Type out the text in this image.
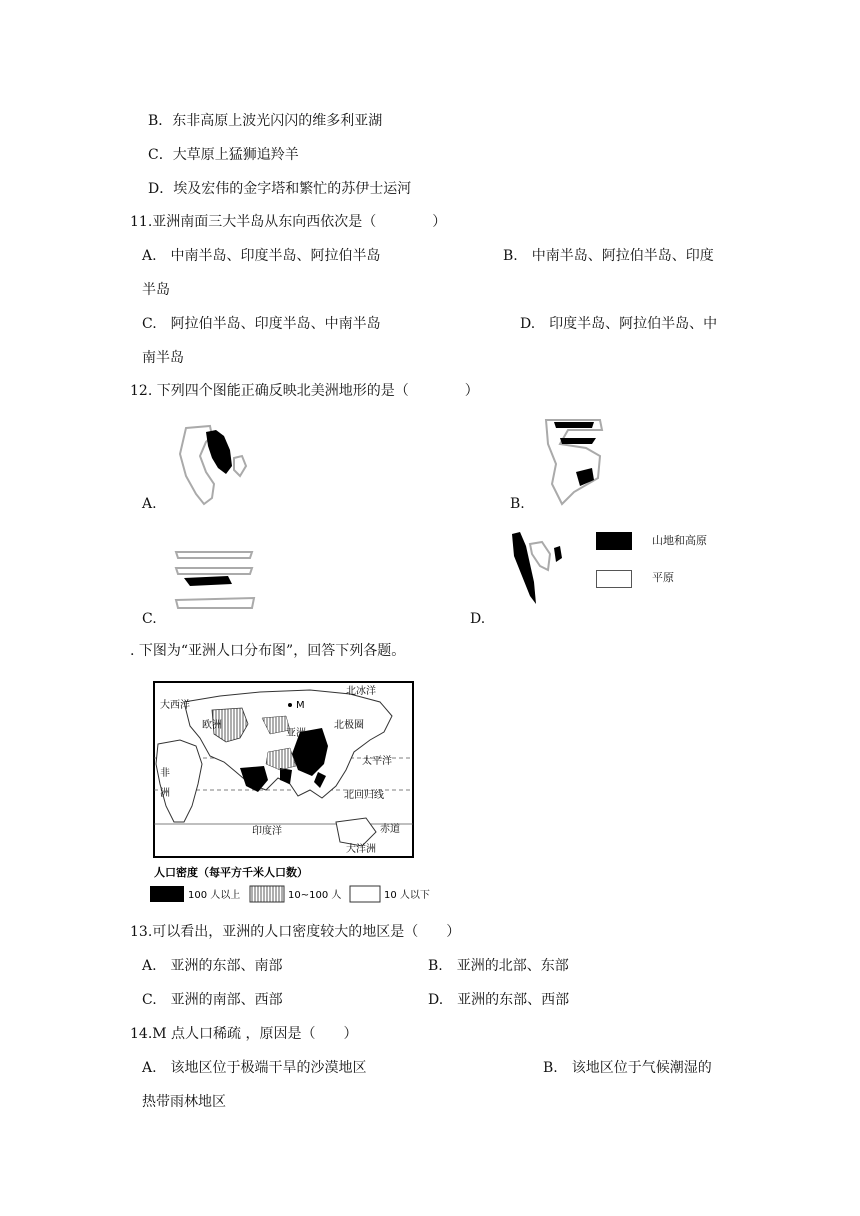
B．东非高原上波光闪闪的维多利亚湖
C．大草原上猛狮追羚羊
D．埃及宏伟的金字塔和繁忙的苏伊士运河
11.亚洲南面三大半岛从东向西依次是（　　　　）
A.　中南半岛、印度半岛、阿拉伯半岛	B.　中南半岛、阿拉伯半岛、印度
半岛
C.　阿拉伯半岛、印度半岛、中南半岛	D.　印度半岛、阿拉伯半岛、中
南半岛
12. 下列四个图能正确反映北美洲地形的是（　　　　）
A.	B.
C.	D.
山地和高原
平原
. 下图为“亚洲人口分布图”，回答下列各题。
北冰洋
大西洋
欧洲
M
北极圈
亚洲
太平洋
非
洲	北回归线
印度洋	赤道
大洋洲
人口密度（每平方千米人口数）
100 人以上	10~100 人	10 人以下
13.可以看出，亚洲的人口密度较大的地区是（　　）
A.　亚洲的东部、南部	B.　亚洲的北部、东部
C.　亚洲的南部、西部	D.　亚洲的东部、西部
14.M 点人口稀疏 ，原因是（　　）
A.　该地区位于极端干旱的沙漠地区	B.　该地区位于气候潮湿的
热带雨林地区
